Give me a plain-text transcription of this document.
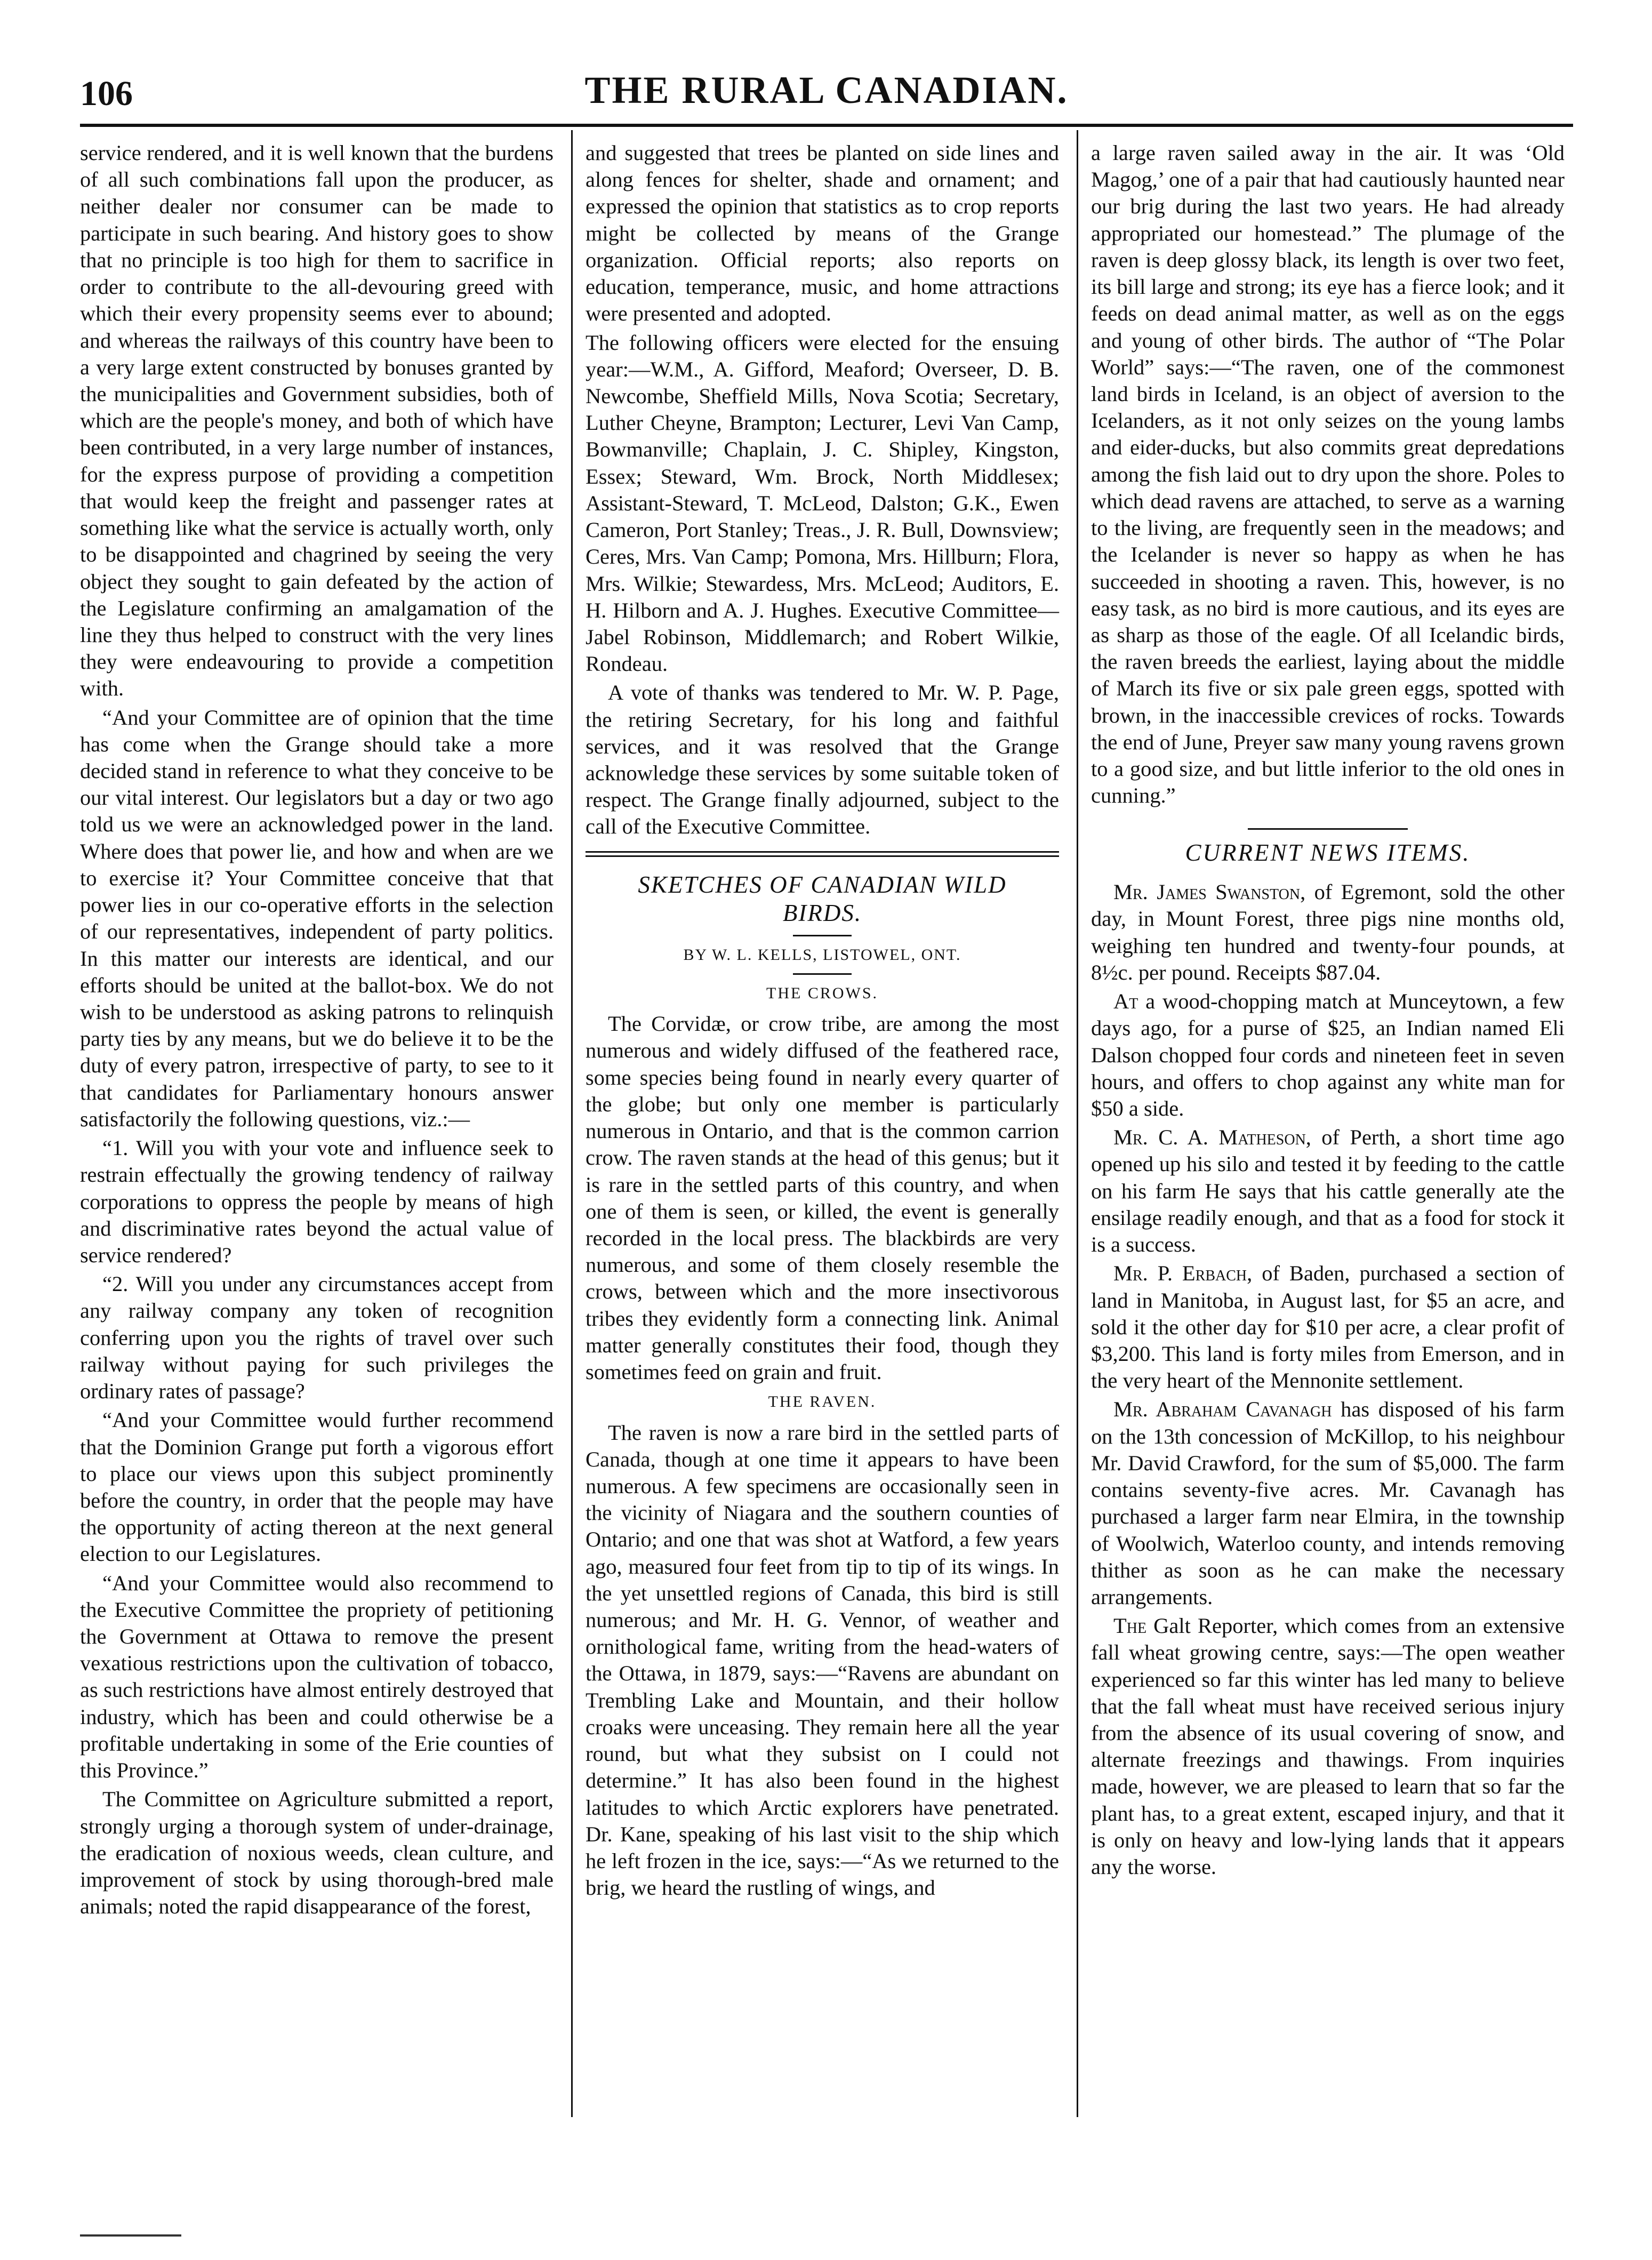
106	THE RURAL CANADIAN.

service rendered, and it is well known that the burdens of all such combinations fall upon the producer, as neither dealer nor consumer can be made to participate in such bearing. And history goes to show that no principle is too high for them to sacrifice in order to contribute to the all-devouring greed with which their every propensity seems ever to abound; and whereas the railways of this country have been to a very large extent constructed by bonuses granted by the municipalities and Government subsidies, both of which are the people's money, and both of which have been contributed, in a very large number of instances, for the express purpose of providing a competition that would keep the freight and passenger rates at something like what the service is actually worth, only to be disappointed and chagrined by seeing the very object they sought to gain defeated by the action of the Legislature confirming an amalgamation of the line they thus helped to construct with the very lines they were endeavouring to provide a competition with.

“And your Committee are of opinion that the time has come when the Grange should take a more decided stand in reference to what they conceive to be our vital interest. Our legislators but a day or two ago told us we were an acknowledged power in the land. Where does that power lie, and how and when are we to exercise it? Your Committee conceive that that power lies in our co-operative efforts in the selection of our representatives, independent of party politics. In this matter our interests are identical, and our efforts should be united at the ballot-box. We do not wish to be understood as asking patrons to relinquish party ties by any means, but we do believe it to be the duty of every patron, irrespective of party, to see to it that candidates for Parliamentary honours answer satisfactorily the following questions, viz.:—

“1. Will you with your vote and influence seek to restrain effectually the growing tendency of railway corporations to oppress the people by means of high and discriminative rates beyond the actual value of service rendered?

“2. Will you under any circumstances accept from any railway company any token of recognition conferring upon you the rights of travel over such railway without paying for such privileges the ordinary rates of passage?

“And your Committee would further recommend that the Dominion Grange put forth a vigorous effort to place our views upon this subject prominently before the country, in order that the people may have the opportunity of acting thereon at the next general election to our Legislatures.

“And your Committee would also recommend to the Executive Committee the propriety of petitioning the Government at Ottawa to remove the present vexatious restrictions upon the cultivation of tobacco, as such restrictions have almost entirely destroyed that industry, which has been and could otherwise be a profitable undertaking in some of the Erie counties of this Province.”

The Committee on Agriculture submitted a report, strongly urging a thorough system of under-drainage, the eradication of noxious weeds, clean culture, and improvement of stock by using thorough-bred male animals; noted the rapid disappearance of the forest,

and suggested that trees be planted on side lines and along fences for shelter, shade and ornament; and expressed the opinion that statistics as to crop reports might be collected by means of the Grange organization. Official reports; also reports on education, temperance, music, and home attractions were presented and adopted.

The following officers were elected for the ensuing year:—W.M., A. Gifford, Meaford; Overseer, D. B. Newcombe, Sheffield Mills, Nova Scotia; Secretary, Luther Cheyne, Brampton; Lecturer, Levi Van Camp, Bowmanville; Chaplain, J. C. Shipley, Kingston, Essex; Steward, Wm. Brock, North Middlesex; Assistant-Steward, T. McLeod, Dalston; G.K., Ewen Cameron, Port Stanley; Treas., J. R. Bull, Downsview; Ceres, Mrs. Van Camp; Pomona, Mrs. Hillburn; Flora, Mrs. Wilkie; Stewardess, Mrs. McLeod; Auditors, E. H. Hilborn and A. J. Hughes. Executive Committee—Jabel Robinson, Middlemarch; and Robert Wilkie, Rondeau.

A vote of thanks was tendered to Mr. W. P. Page, the retiring Secretary, for his long and faithful services, and it was resolved that the Grange acknowledge these services by some suitable token of respect. The Grange finally adjourned, subject to the call of the Executive Committee.

SKETCHES OF CANADIAN WILD
BIRDS.
BY W. L. KELLS, LISTOWEL, ONT.
THE CROWS.

The Corvidæ, or crow tribe, are among the most numerous and widely diffused of the feathered race, some species being found in nearly every quarter of the globe; but only one member is particularly numerous in Ontario, and that is the common carrion crow. The raven stands at the head of this genus; but it is rare in the settled parts of this country, and when one of them is seen, or killed, the event is generally recorded in the local press. The blackbirds are very numerous, and some of them closely resemble the crows, between which and the more insectivorous tribes they evidently form a connecting link. Animal matter generally constitutes their food, though they sometimes feed on grain and fruit.

THE RAVEN.

The raven is now a rare bird in the settled parts of Canada, though at one time it appears to have been numerous. A few specimens are occasionally seen in the vicinity of Niagara and the southern counties of Ontario; and one that was shot at Watford, a few years ago, measured four feet from tip to tip of its wings. In the yet unsettled regions of Canada, this bird is still numerous; and Mr. H. G. Vennor, of weather and ornithological fame, writing from the head-waters of the Ottawa, in 1879, says:—“Ravens are abundant on Trembling Lake and Mountain, and their hollow croaks were unceasing. They remain here all the year round, but what they subsist on I could not determine.” It has also been found in the highest latitudes to which Arctic explorers have penetrated. Dr. Kane, speaking of his last visit to the ship which he left frozen in the ice, says:—“As we returned to the brig, we heard the rustling of wings, and

a large raven sailed away in the air. It was ‘Old Magog,’ one of a pair that had cautiously haunted near our brig during the last two years. He had already appropriated our homestead.” The plumage of the raven is deep glossy black, its length is over two feet, its bill large and strong; its eye has a fierce look; and it feeds on dead animal matter, as well as on the eggs and young of other birds. The author of “The Polar World” says:—“The raven, one of the commonest land birds in Iceland, is an object of aversion to the Icelanders, as it not only seizes on the young lambs and eider-ducks, but also commits great depredations among the fish laid out to dry upon the shore. Poles to which dead ravens are attached, to serve as a warning to the living, are frequently seen in the meadows; and the Icelander is never so happy as when he has succeeded in shooting a raven. This, however, is no easy task, as no bird is more cautious, and its eyes are as sharp as those of the eagle. Of all Icelandic birds, the raven breeds the earliest, laying about the middle of March its five or six pale green eggs, spotted with brown, in the inaccessible crevices of rocks. Towards the end of June, Preyer saw many young ravens grown to a good size, and but little inferior to the old ones in cunning.”

CURRENT NEWS ITEMS.

Mr. James Swanston, of Egremont, sold the other day, in Mount Forest, three pigs nine months old, weighing ten hundred and twenty-four pounds, at 8½c. per pound. Receipts $87.04.

At a wood-chopping match at Munceytown, a few days ago, for a purse of $25, an Indian named Eli Dalson chopped four cords and nineteen feet in seven hours, and offers to chop against any white man for $50 a side.

Mr. C. A. Matheson, of Perth, a short time ago opened up his silo and tested it by feeding to the cattle on his farm He says that his cattle generally ate the ensilage readily enough, and that as a food for stock it is a success.

Mr. P. Erbach, of Baden, purchased a section of land in Manitoba, in August last, for $5 an acre, and sold it the other day for $10 per acre, a clear profit of $3,200. This land is forty miles from Emerson, and in the very heart of the Mennonite settlement.

Mr. Abraham Cavanagh has disposed of his farm on the 13th concession of McKillop, to his neighbour Mr. David Crawford, for the sum of $5,000. The farm contains seventy-five acres. Mr. Cavanagh has purchased a larger farm near Elmira, in the township of Woolwich, Waterloo county, and intends removing thither as soon as he can make the necessary arrangements.

The Galt Reporter, which comes from an extensive fall wheat growing centre, says:—The open weather experienced so far this winter has led many to believe that the fall wheat must have received serious injury from the absence of its usual covering of snow, and alternate freezings and thawings. From inquiries made, however, we are pleased to learn that so far the plant has, to a great extent, escaped injury, and that it is only on heavy and low-lying lands that it appears any the worse.
